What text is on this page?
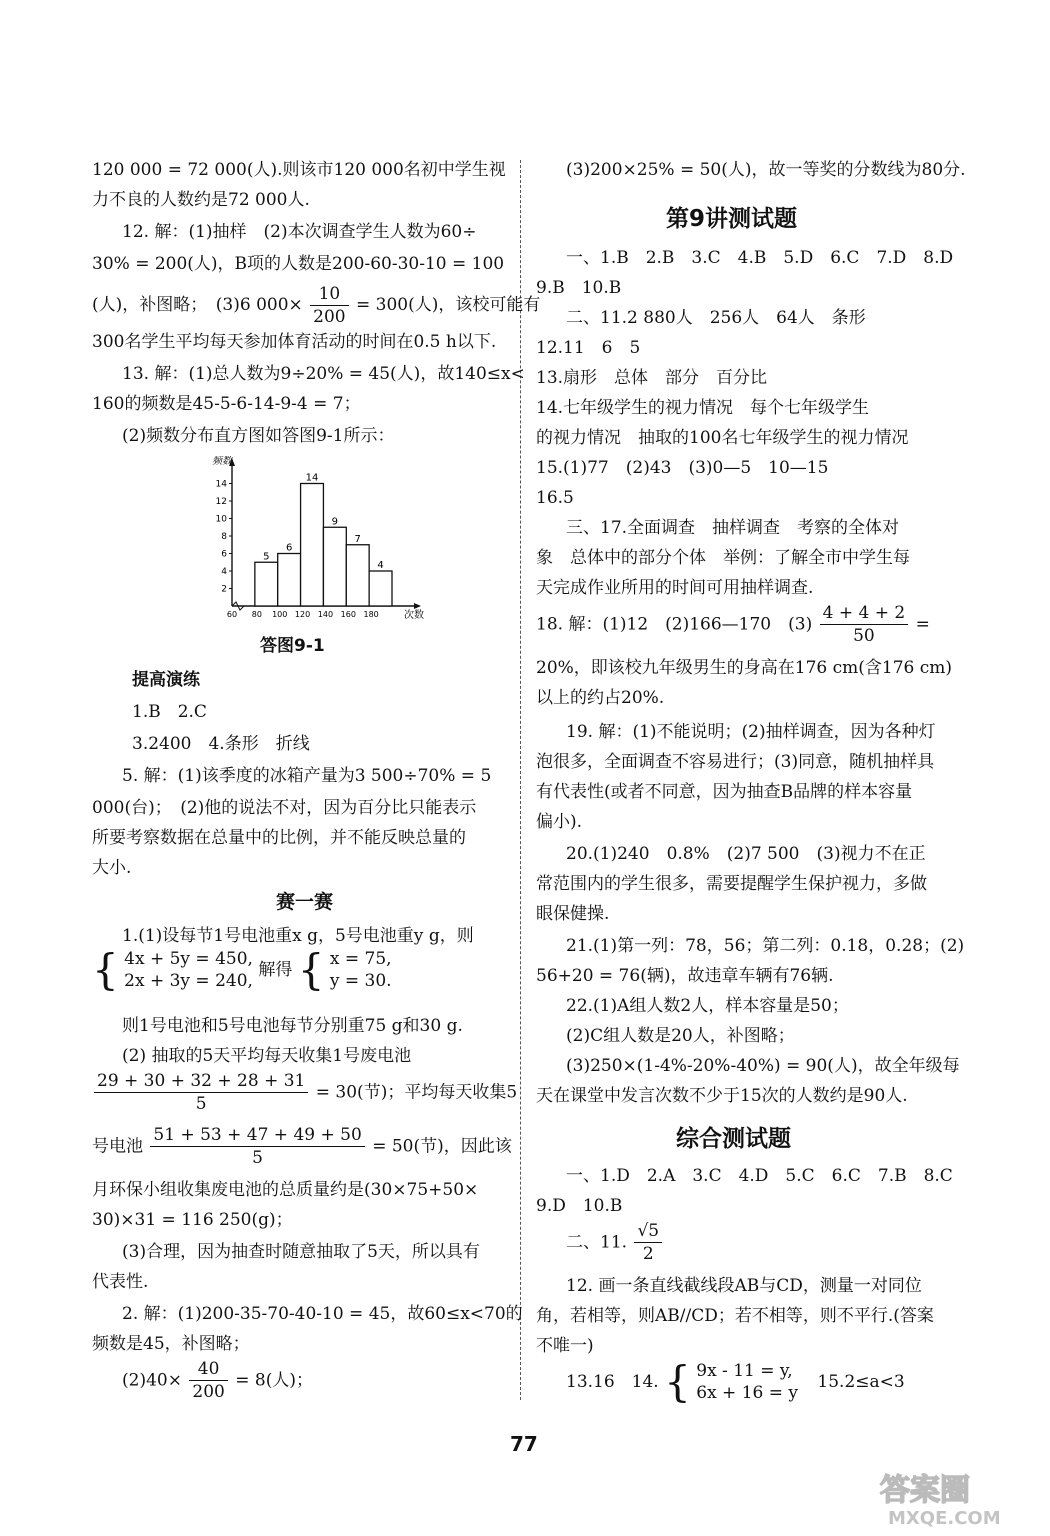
120 000 = 72 000(人).则该市120 000名初中学生视
力不良的人数约是72 000人.
12. 解：(1)抽样　(2)本次调查学生人数为60÷
30% = 200(人)，B项的人数是200-60-30-10 = 100
(人)，补图略；　(3)6 $000\times \frac{10}{200} = 300$(人)，该校可能有
300名学生平均每天参加体育活动的时间在0.5 h以下.
13. 解：(1)总人数为9÷20% = 45(人)，故140≤x<
160的频数是45-5-6-14-9-4 = 7；
(2)频数分布直方图如答图9-1所示：
频数
次数
2
4
6
8
10
12
14
60 80 100 120 140 160 180
5
6
14
9
7
4
答图9-1
提高演练
1.B　2.C
3.2400　4.条形　折线
5. 解：(1)该季度的冰箱产量为3 500÷70% = 5
000(台)；　(2)他的说法不对，因为百分比只能表示
所要考察数据在总量中的比例，并不能反映总量的
大小.
赛一赛
1.(1)设每节1号电池重x g，5号电池重y g，则
{ 4x + 5y = 450,
2x + 3y = 240,
解得 { x = 75,
y = 30.
则1号电池和5号电池每节分别重75 g和30 g.
(2) 抽取的5天平均每天收集1号废电池
$\frac{29 + 30 + 32 + 28 + 31}{5} = 30$(节)；平均每天收集5
号电池 $\frac{51 + 53 + 47 + 49 + 50}{5} = 50$(节)，因此该
月环保小组收集废电池的总质量约是(30×75+50×
30)×31 = 116 250(g)；
(3)合理，因为抽查时随意抽取了5天，所以具有
代表性.
2. 解：(1)200-35-70-40-10 = 45，故60≤x<70的
频数是45，补图略；
$(2)40\times \frac{40}{200} = 8$(人)；
(3)200×25% = 50(人)，故一等奖的分数线为80分.
第9讲测试题
一、1.B　2.B　3.C　4.B　5.D　6.C　7.D　8.D
9.B　10.B
二、11.2 880人　256人　64人　条形
12.11　6　5
13.扇形　总体　部分　百分比
14.七年级学生的视力情况　每个七年级学生
的视力情况　抽取的100名七年级学生的视力情况
15.(1)77　(2)43　(3)0—5　10—15
16.5
三、17.全面调查　抽样调查　考察的全体对
象　总体中的部分个体　举例：了解全市中学生每
天完成作业所用的时间可用抽样调查.
18. 解：(1)12　(2)166—170　$(3) \frac{4 + 4 + 2}{50}$ =
20%，即该校九年级男生的身高在176 cm(含176 cm)
以上的约占20%.
19. 解：(1)不能说明；(2)抽样调查，因为各种灯
泡很多，全面调查不容易进行；(3)同意，随机抽样具
有代表性(或者不同意，因为抽查B品牌的样本容量
偏小).
20.(1)240　0.8%　(2)7 500　(3)视力不在正
常范围内的学生很多，需要提醒学生保护视力，多做
眼保健操.
21.(1)第一列：78，56；第二列：0.18，0.28；(2)
56+20 = 76(辆)，故违章车辆有76辆.
22.(1)A组人数2人，样本容量是50；
(2)C组人数是20人，补图略；
(3)250×(1-4%-20%-40%) = 90(人)，故全年级每
天在课堂中发言次数不少于15次的人数约是90人.
综合测试题
一、1.D　2.A　3.C　4.D　5.C　6.C　7.B　8.C
9.D　10.B
二、11. $\frac{√5}{2}$
12. 画一条直线截线段AB与CD，测量一对同位
角，若相等，则AB//CD；若不相等，则不平行.(答案
不唯一)
13.16　14. { 9x - 11 = y,
6x + 16 = y
15.2≤a<3
77
答案圈
MXQE.COM
